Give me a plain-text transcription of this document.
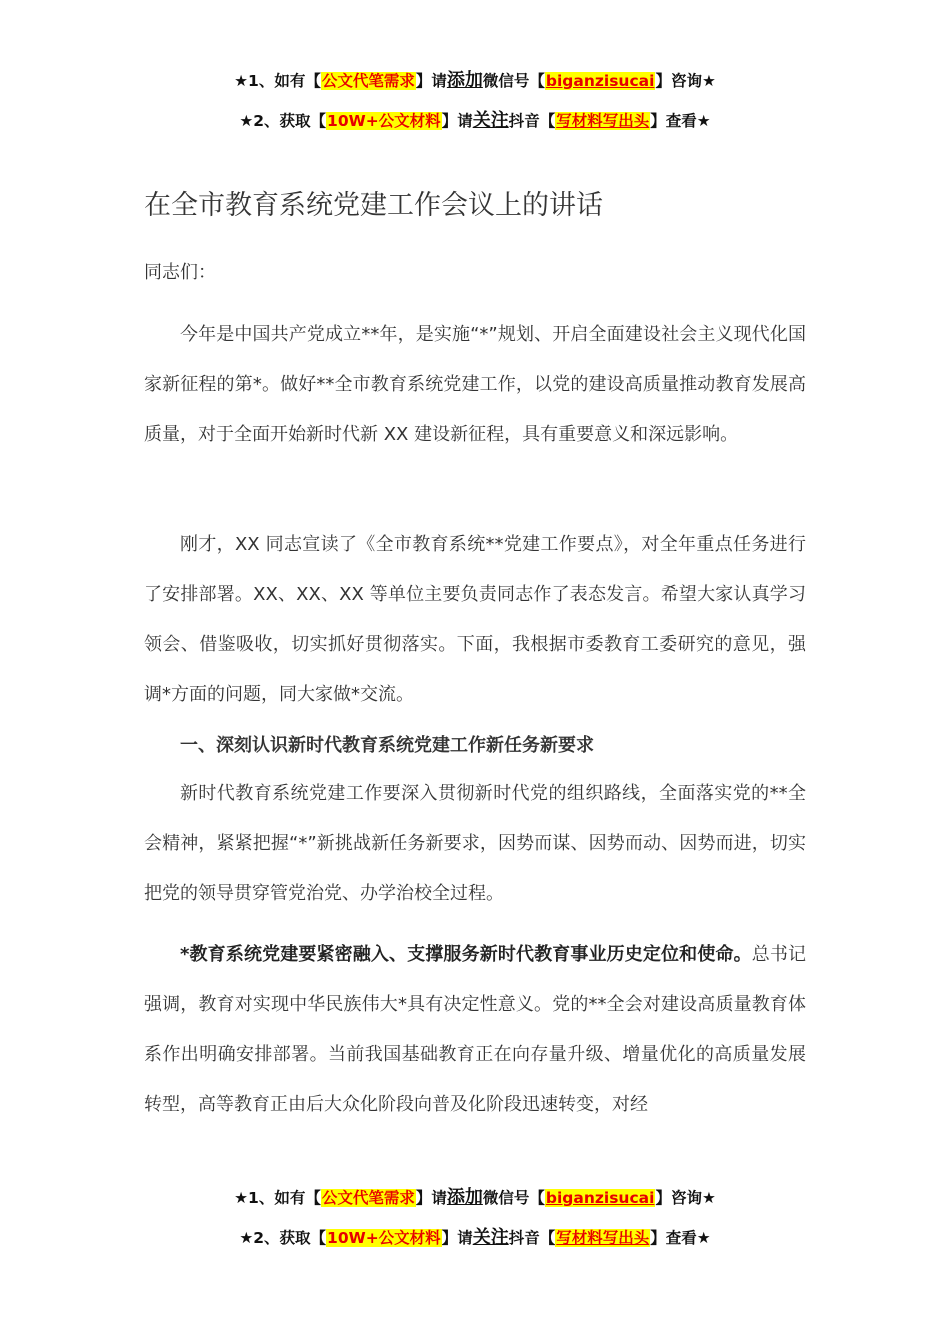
★1、如有【公文代笔需求】请添加微信号【biganzisucai】咨询★
★2、获取【10W+公文材料】请关注抖音【写材料写出头】查看★
在全市教育系统党建工作会议上的讲话

同志们：

今年是中国共产党成立**年，是实施“*”规划、开启全面建设社会主义现代化国家新征程的第*。做好**全市教育系统党建工作，以党的建设高质量推动教育发展高质量，对于全面开始新时代新 XX 建设新征程，具有重要意义和深远影响。

刚才，XX 同志宣读了《全市教育系统**党建工作要点》，对全年重点任务进行了安排部署。XX、XX、XX 等单位主要负责同志作了表态发言。希望大家认真学习领会、借鉴吸收，切实抓好贯彻落实。下面，我根据市委教育工委研究的意见，强调*方面的问题，同大家做*交流。

一、深刻认识新时代教育系统党建工作新任务新要求

新时代教育系统党建工作要深入贯彻新时代党的组织路线，全面落实党的**全会精神，紧紧把握“*”新挑战新任务新要求，因势而谋、因势而动、因势而进，切实把党的领导贯穿管党治党、办学治校全过程。

*教育系统党建要紧密融入、支撑服务新时代教育事业历史定位和使命。总书记强调，教育对实现中华民族伟大*具有决定性意义。党的**全会对建设高质量教育体系作出明确安排部署。当前我国基础教育正在向存量升级、增量优化的高质量发展转型，高等教育正由后大众化阶段向普及化阶段迅速转变，对经

★1、如有【公文代笔需求】请添加微信号【biganzisucai】咨询★
★2、获取【10W+公文材料】请关注抖音【写材料写出头】查看★
